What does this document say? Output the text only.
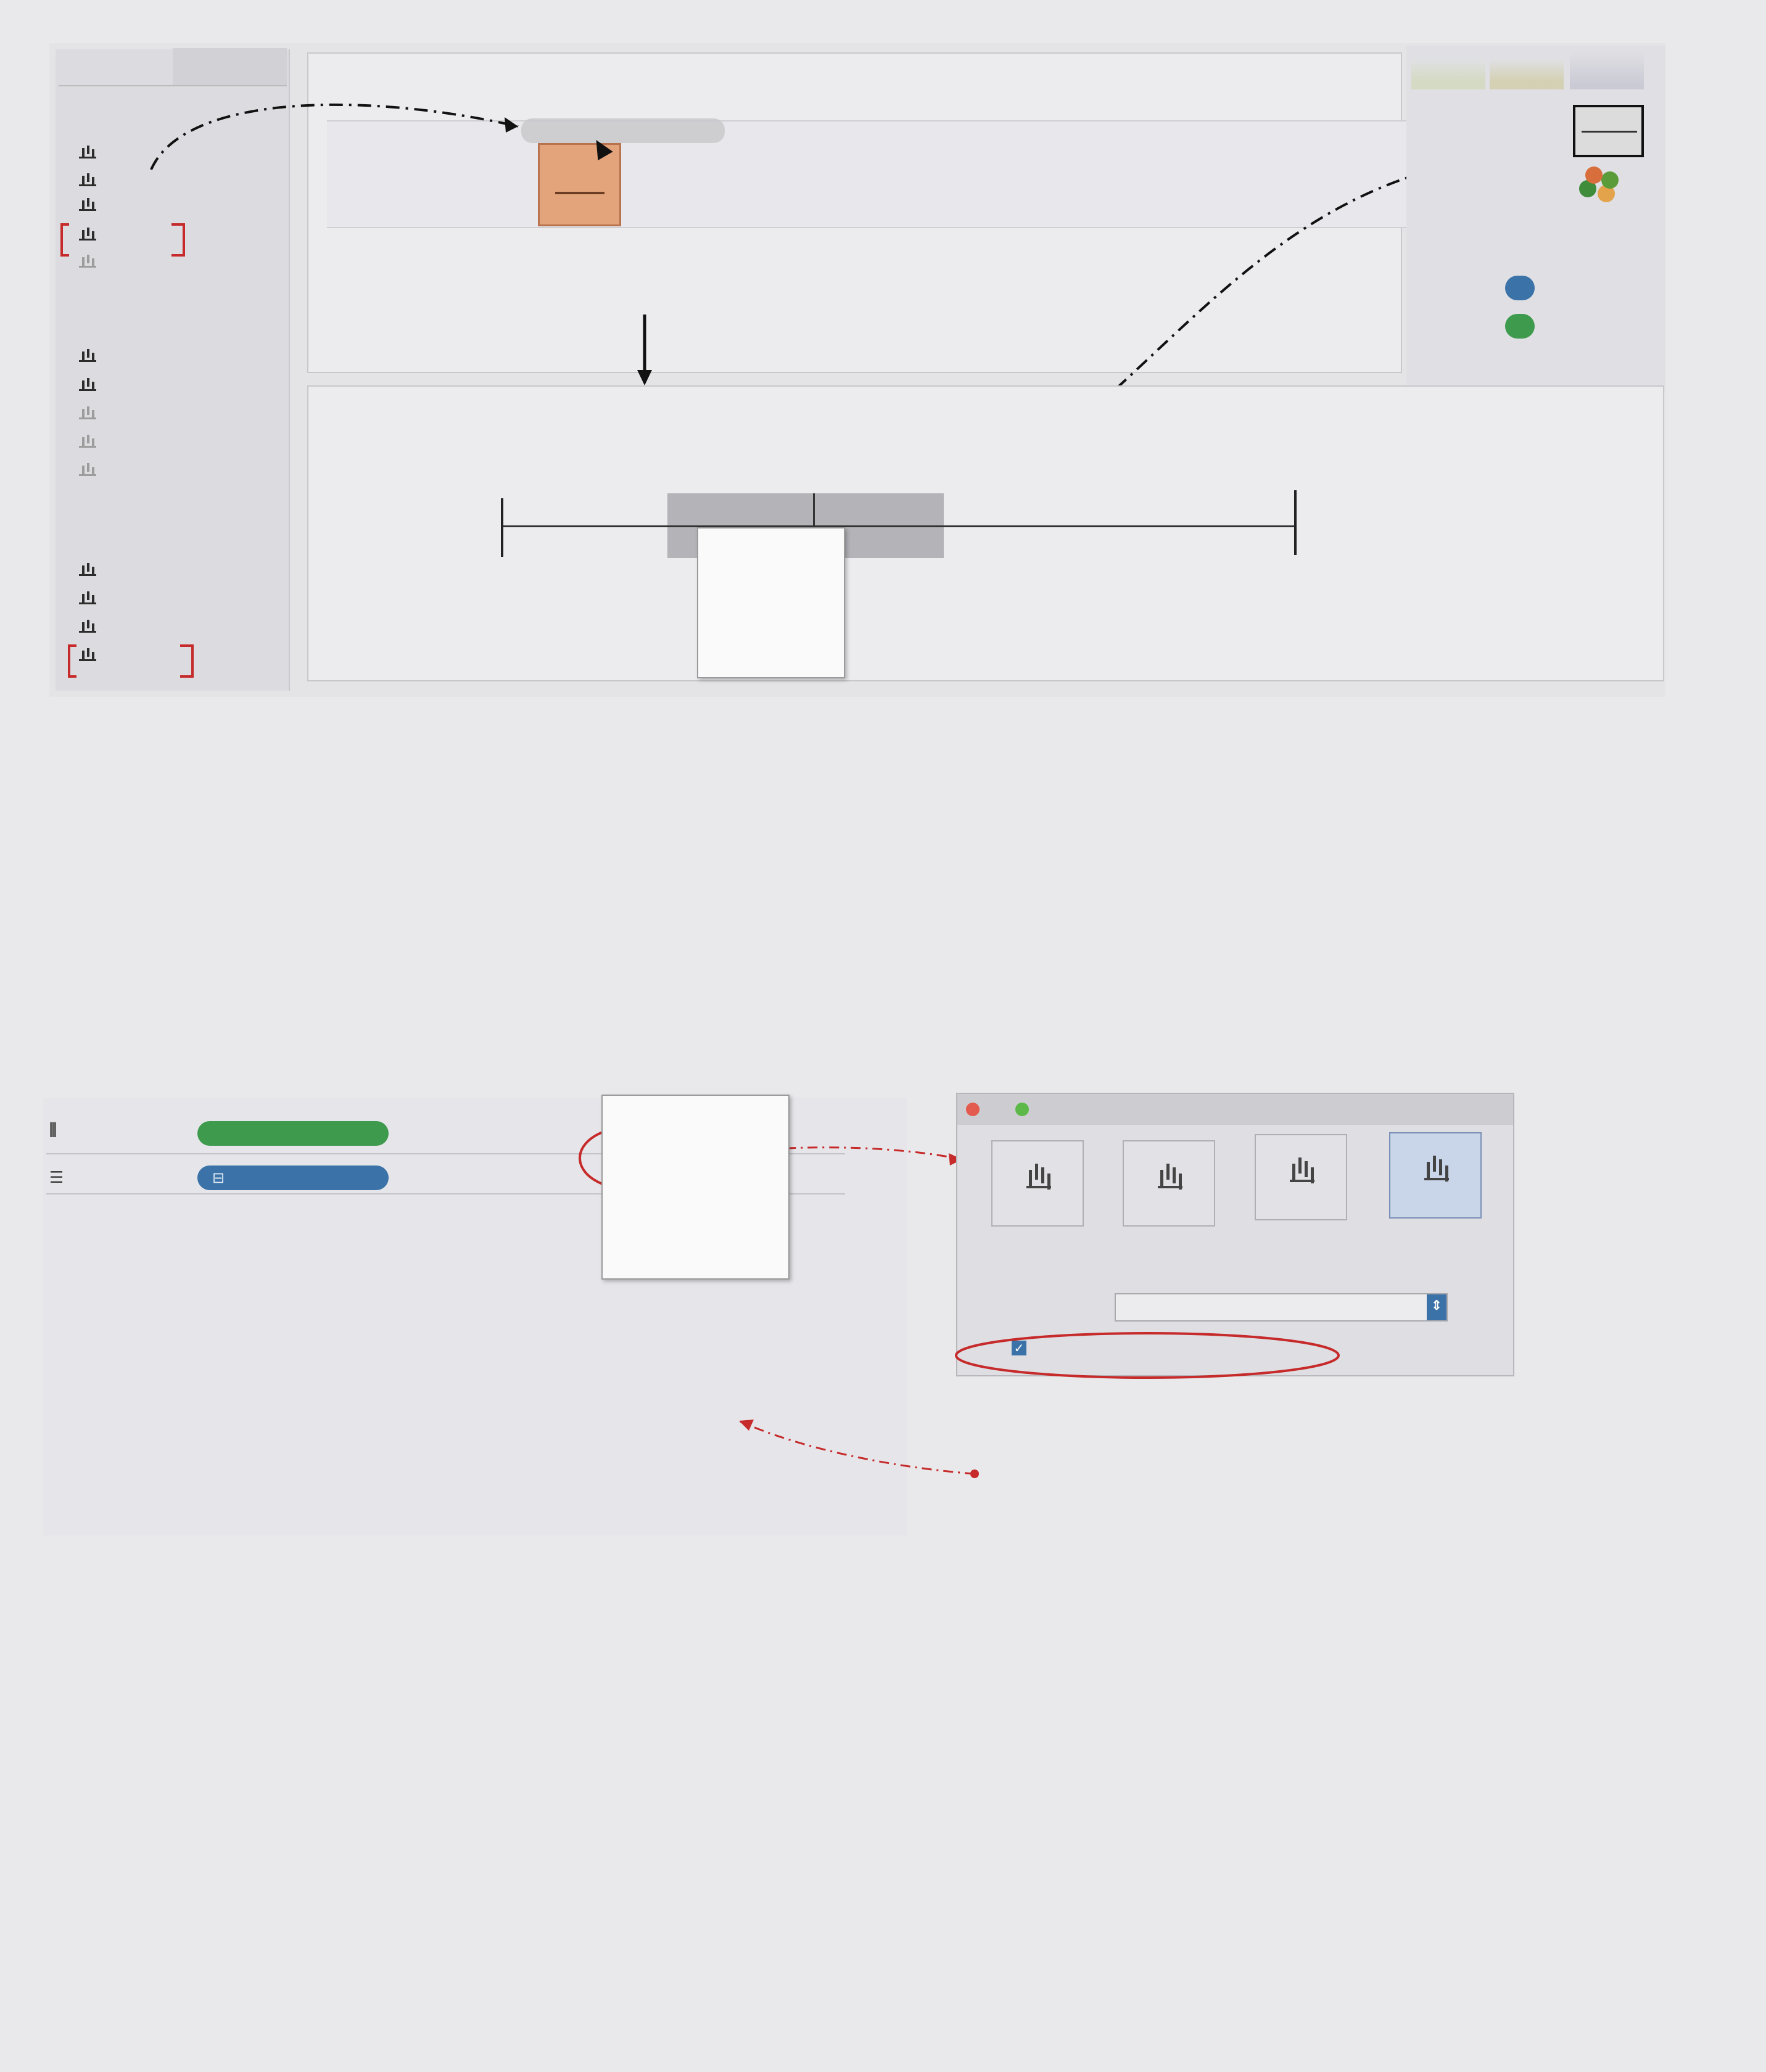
⫼
☰	⊟
⇕
✓
